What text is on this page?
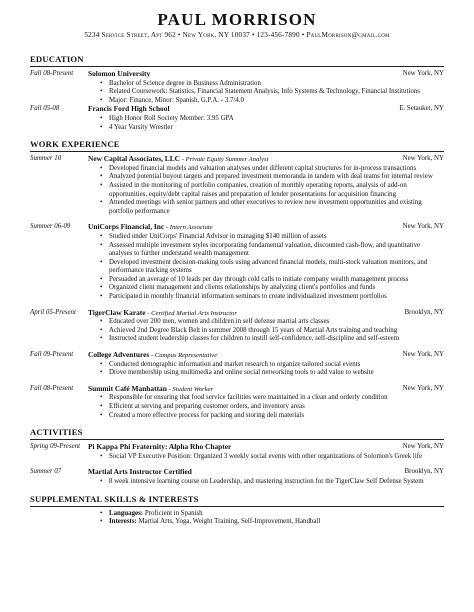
PAUL MORRISON
5234 Service Street, Apt 962 • New York, NY 10037 • 123-456-7890 • PaulMorrison@gmail.com
EDUCATION
Fall 08-Present	Solomon University	New York, NY
• Bachelor of Science degree in Business Administration
• Related Coursework: Statistics, Financial Statement Analysis, Info Systems & Technology, Financial Institutions
• Major: Finance, Minor: Spanish, G.P.A. - 3.7/4.0
Fall 05-08	Francis Ford High School	E. Setauket, NY
• High Honor Roll Society Member: 3.95 GPA
• 4 Year Varsity Wrestler
WORK EXPERIENCE
Summer 10	New Capital Associates, LLC - Private Equity Summer Analyst	New York, NY
• Developed financial models and valuation analyses under different capital structures for in-process transactions
• Analyzed potential buyout targets and prepared investment memoranda in tandem with deal teams for internal review
• Assisted in the monitoring of portfolio companies, creation of monthly operating reports, analysis of add-on opportunities, equity/debt capital raises and preparation of lender presentations for acquisition financing
• Attended meetings with senior partners and other executives to review new investment opportunities and existing portfolio performance
Summer 06-09	UniCorps Financial, Inc - Intern Associate	New York, NY
• Studied under UniCorps' Financial Advisor in managing $140 million of assets
• Assessed multiple investment styles incorporating fundamental valuation, discounted cash-flow, and quantitative analyses to further understand wealth management
• Developed investment decision-making tools using advanced financial models, multi-stock valuation monitors, and performance tracking systems
• Persuaded an average of 10 leads per day through cold calls to initiate company wealth management process
• Organized client management and clients relationships by analyzing client's portfolios and funds
• Participated in monthly financial information seminars to create individualized investment portfolios
April 05-Present	TigerClaw Karate - Certified Martial Arts Instructor	Brooklyn, NY
• Educated over 200 men, women and children in self defense martial arts classes
• Achieved 2nd Degree Black Belt in summer 2008 through 15 years of Martial Arts training and teaching
• Instructed student leadership classes for children to instill self-confidence, self-discipline and self-esteem
Fall 09-Present	College Adventures - Campus Representative	New York, NY
• Conducted demographic information and market research to organize tailored social events
• Drove membership using multimedia and online social networking tools to add value to website
Fall 08-Present	Summit Café Manhattan - Student Worker	New York, NY
• Responsible for ensuring that food service facilities were maintained in a clean and orderly condition
• Efficient at serving and preparing customer orders, and inventory areas
• Created a more effective process for packing and storing deli materials
ACTIVITIES
Spring 09-Present	Pi Kappa Phi Fraternity: Alpha Rho Chapter	New York, NY
• Social VP Executive Position: Organized 3 weekly social events with other organizations of Solomon's Greek life
Summer 07	Martial Arts Instructor Certified	Brooklyn, NY
• 8 week intensive learning course on Leadership, and mastering instruction for the TigerClaw Self Defense System
SUPPLEMENTAL SKILLS & INTERESTS
• Languages: Proficient in Spanish
• Interests: Martial Arts, Yoga, Weight Training, Self-Improvement, Handball
